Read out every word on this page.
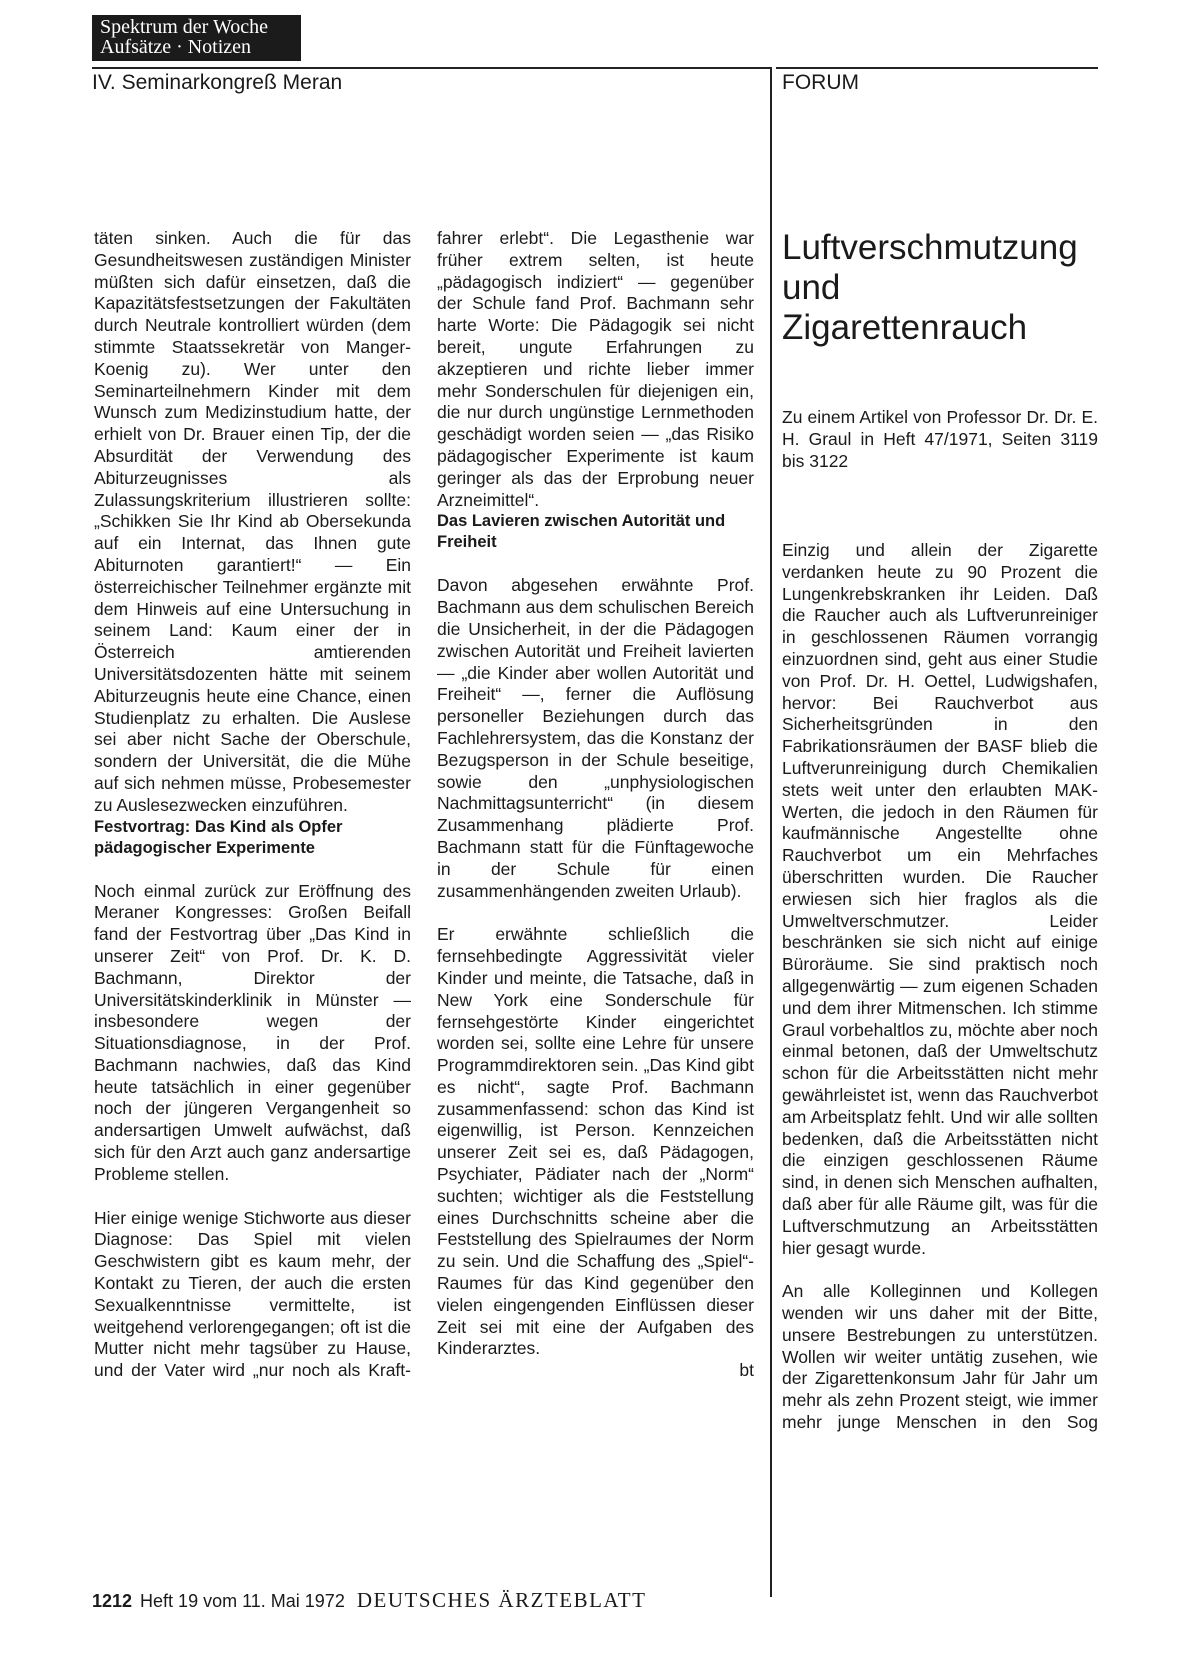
Spektrum der Woche
Aufsätze · Notizen
IV. Seminarkongreß Meran	FORUM

täten sinken. Auch die für das Gesundheitswesen zuständigen Minister müßten sich dafür einsetzen, daß die Kapazitätsfestsetzungen der Fakultäten durch Neutrale kontrolliert würden (dem stimmte Staatssekretär von Manger-Koenig zu). Wer unter den Seminarteilnehmern Kinder mit dem Wunsch zum Medizinstudium hatte, der erhielt von Dr. Brauer einen Tip, der die Absurdität der Verwendung des Abiturzeugnisses als Zulassungskriterium illustrieren sollte: „Schikken Sie Ihr Kind ab Obersekunda auf ein Internat, das Ihnen gute Abiturnoten garantiert!“ — Ein österreichischer Teilnehmer ergänzte mit dem Hinweis auf eine Untersuchung in seinem Land: Kaum einer der in Österreich amtierenden Universitätsdozenten hätte mit seinem Abiturzeugnis heute eine Chance, einen Studienplatz zu erhalten. Die Auslese sei aber nicht Sache der Oberschule, sondern der Universität, die die Mühe auf sich nehmen müsse, Probesemester zu Auslesezwecken einzuführen.

Festvortrag: Das Kind als Opfer pädagogischer Experimente

Noch einmal zurück zur Eröffnung des Meraner Kongresses: Großen Beifall fand der Festvortrag über „Das Kind in unserer Zeit“ von Prof. Dr. K. D. Bachmann, Direktor der Universitätskinderklinik in Münster — insbesondere wegen der Situationsdiagnose, in der Prof. Bachmann nachwies, daß das Kind heute tatsächlich in einer gegenüber noch der jüngeren Vergangenheit so andersartigen Umwelt aufwächst, daß sich für den Arzt auch ganz andersartige Probleme stellen.

Hier einige wenige Stichworte aus dieser Diagnose: Das Spiel mit vielen Geschwistern gibt es kaum mehr, der Kontakt zu Tieren, der auch die ersten Sexualkenntnisse vermittelte, ist weitgehend verlorengegangen; oft ist die Mutter nicht mehr tagsüber zu Hause, und der Vater wird „nur noch als Kraft-

fahrer erlebt“. Die Legasthenie war früher extrem selten, ist heute „pädagogisch indiziert“ — gegenüber der Schule fand Prof. Bachmann sehr harte Worte: Die Pädagogik sei nicht bereit, ungute Erfahrungen zu akzeptieren und richte lieber immer mehr Sonderschulen für diejenigen ein, die nur durch ungünstige Lernmethoden geschädigt worden seien — „das Risiko pädagogischer Experimente ist kaum geringer als das der Erprobung neuer Arzneimittel“.

Das Lavieren zwischen Autorität und Freiheit

Davon abgesehen erwähnte Prof. Bachmann aus dem schulischen Bereich die Unsicherheit, in der die Pädagogen zwischen Autorität und Freiheit lavierten — „die Kinder aber wollen Autorität und Freiheit“ —, ferner die Auflösung personeller Beziehungen durch das Fachlehrersystem, das die Konstanz der Bezugsperson in der Schule beseitige, sowie den „unphysiologischen Nachmittagsunterricht“ (in diesem Zusammenhang plädierte Prof. Bachmann statt für die Fünftagewoche in der Schule für einen zusammenhängenden zweiten Urlaub).

Er erwähnte schließlich die fernsehbedingte Aggressivität vieler Kinder und meinte, die Tatsache, daß in New York eine Sonderschule für fernsehgestörte Kinder eingerichtet worden sei, sollte eine Lehre für unsere Programmdirektoren sein. „Das Kind gibt es nicht“, sagte Prof. Bachmann zusammenfassend: schon das Kind ist eigenwillig, ist Person. Kennzeichen unserer Zeit sei es, daß Pädagogen, Psychiater, Pädiater nach der „Norm“ suchten; wichtiger als die Feststellung eines Durchschnitts scheine aber die Feststellung des Spielraumes der Norm zu sein. Und die Schaffung des „Spiel“-Raumes für das Kind gegenüber den vielen eingengenden Einflüssen dieser Zeit sei mit eine der Aufgaben des Kinderarztes.

bt
Luftverschmutzung
und
Zigarettenrauch

Zu einem Artikel von Professor Dr. Dr. E. H. Graul in Heft 47/1971, Seiten 3119 bis 3122

Einzig und allein der Zigarette verdanken heute zu 90 Prozent die Lungenkrebskranken ihr Leiden. Daß die Raucher auch als Luftverunreiniger in geschlossenen Räumen vorrangig einzuordnen sind, geht aus einer Studie von Prof. Dr. H. Oettel, Ludwigshafen, hervor: Bei Rauchverbot aus Sicherheitsgründen in den Fabrikationsräumen der BASF blieb die Luftverunreinigung durch Chemikalien stets weit unter den erlaubten MAK-Werten, die jedoch in den Räumen für kaufmännische Angestellte ohne Rauchverbot um ein Mehrfaches überschritten wurden. Die Raucher erwiesen sich hier fraglos als die Umweltverschmutzer. Leider beschränken sie sich nicht auf einige Büroräume. Sie sind praktisch noch allgegenwärtig — zum eigenen Schaden und dem ihrer Mitmenschen. Ich stimme Graul vorbehaltlos zu, möchte aber noch einmal betonen, daß der Umweltschutz schon für die Arbeitsstätten nicht mehr gewährleistet ist, wenn das Rauchverbot am Arbeitsplatz fehlt. Und wir alle sollten bedenken, daß die Arbeitsstätten nicht die einzigen geschlossenen Räume sind, in denen sich Menschen aufhalten, daß aber für alle Räume gilt, was für die Luftverschmutzung an Arbeitsstätten hier gesagt wurde.

An alle Kolleginnen und Kollegen wenden wir uns daher mit der Bitte, unsere Bestrebungen zu unterstützen. Wollen wir weiter untätig zusehen, wie der Zigarettenkonsum Jahr für Jahr um mehr als zehn Prozent steigt, wie immer mehr junge Menschen in den Sog

1212 Heft 19 vom 11. Mai 1972 DEUTSCHES ÄRZTEBLATT
